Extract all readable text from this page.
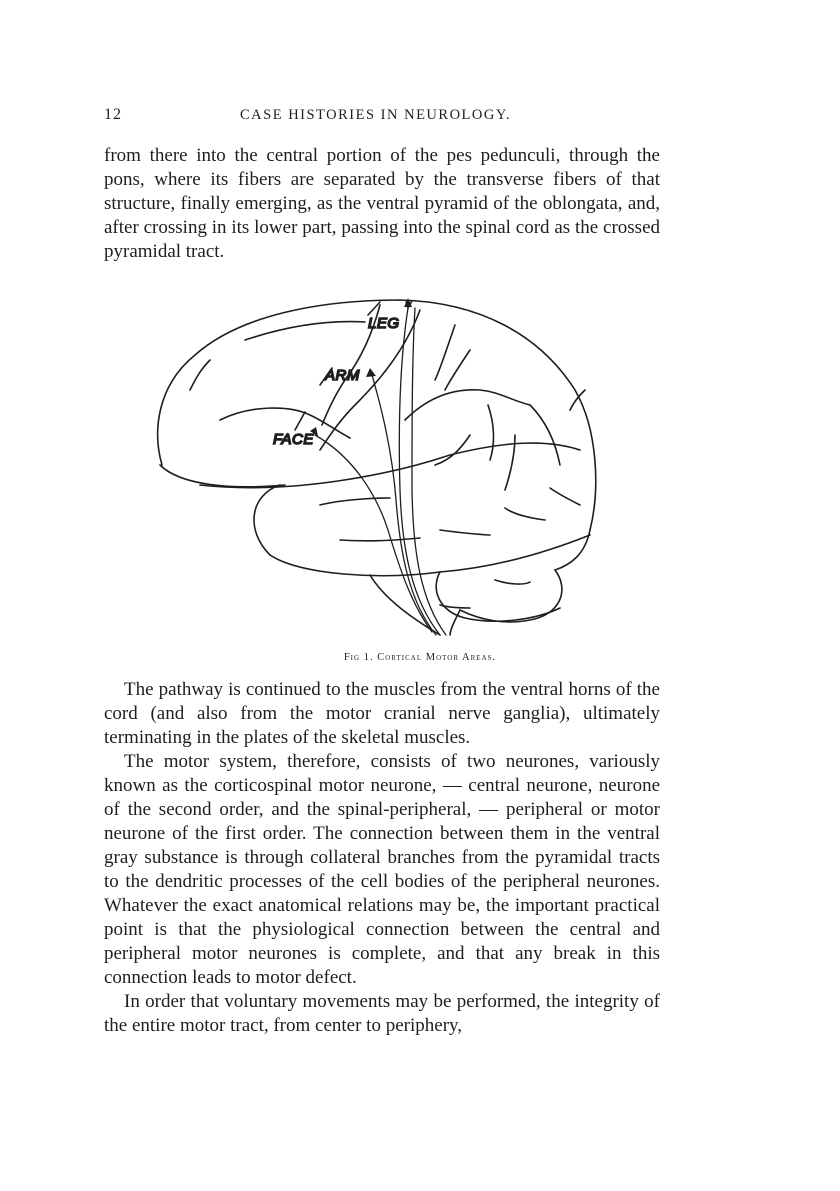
12	CASE HISTORIES IN NEUROLOGY.

from there into the central portion of the pes pedunculi, through the pons, where its fibers are separated by the transverse fibers of that structure, finally emerging, as the ventral pyramid of the oblongata, and, after crossing in its lower part, passing into the spinal cord as the crossed pyramidal tract.

LEG
ARM
FACE
Fig 1. Cortical Motor Areas.

The pathway is continued to the muscles from the ventral horns of the cord (and also from the motor cranial nerve ganglia), ultimately terminating in the plates of the skeletal muscles.

The motor system, therefore, consists of two neurones, variously known as the corticospinal motor neurone, — central neurone, neurone of the second order, and the spinal-peripheral, — peripheral or motor neurone of the first order. The connection between them in the ventral gray substance is through collateral branches from the pyramidal tracts to the dendritic processes of the cell bodies of the peripheral neurones. Whatever the exact anatomical relations may be, the important practical point is that the physiological connection between the central and peripheral motor neurones is complete, and that any break in this connection leads to motor defect.

In order that voluntary movements may be performed, the integrity of the entire motor tract, from center to periphery,
